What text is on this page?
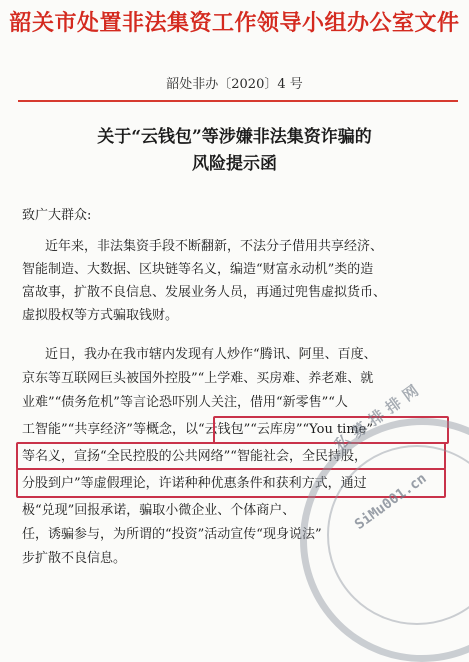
韶关市处置非法集资工作领导小组办公室文件
韶处非办〔2020〕4 号
关于“云钱包”等涉嫌非法集资诈骗的
风险提示函
致广大群众:
近年来，非法集资手段不断翻新，不法分子借用共享经济、
智能制造、大数据、区块链等名义，编造“财富永动机”类的造
富故事，扩散不良信息、发展业务人员，再通过兜售虚拟货币、
虚拟股权等方式骗取钱财。
近日，我办在我市辖内发现有人炒作“腾讯、阿里、百度、
京东等互联网巨头被国外控股”“上学难、买房难、养老难、就
业难”“债务危机”等言论恐吓别人关注，借用“新零售”“人
工智能”“共享经济”等概念，以“云钱包”“云库房”“You time”
等名义，宣扬“全民控股的公共网络”“智能社会，全民持股，
分股到户”等虚假理论，许诺种种优惠条件和获利方式，通过
极“兑现”回报承诺，骗取小微企业、个体商户、
任，诱骗参与，为所谓的“投资”活动宣传“现身说法”
步扩散不良信息。
私募排排网
SiMu001.cn
